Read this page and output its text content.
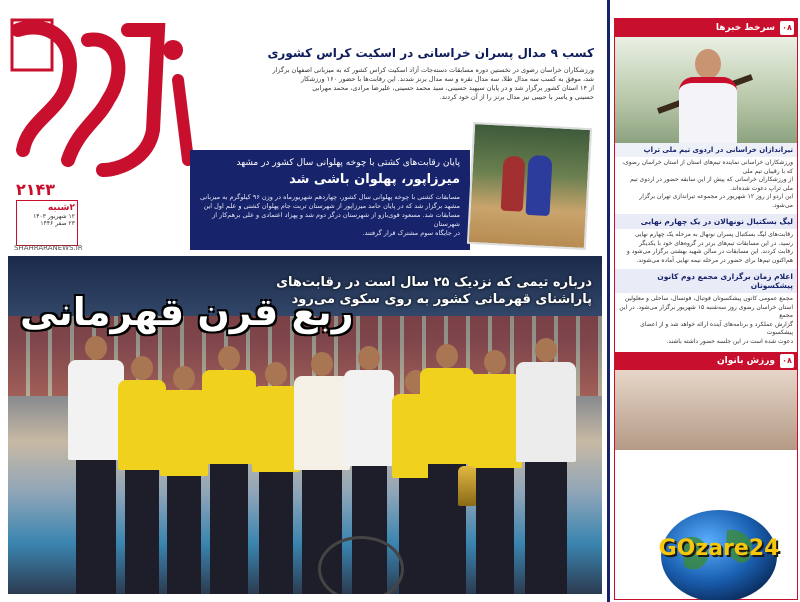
۲۱۴۳
۲شنبه
۱۲ شهریور ۱۴۰۳
۲۳ صفر ۱۴۴۶
SHAHRARANEWS.IR
کسب ۹ مدال پسران خراسانی در اسکیت کراس کشوری
ورزشکاران خراسان رضوی در نخستین دوره مسابقات دسته‌جات آزاد اسکیت کراس کشور که به میزبانی اصفهان برگزار
شد، موفق به کسب سه مدال طلا، سه مدال نقره و سه مدال برنز شدند. این رقابت‌ها با حضور ۱۶۰ ورزشکار
از ۱۴ استان کشور برگزار شد و در پایان سپهبد حسینی، سید محمد حسینی، علیرضا مرادی، محمد مهرابی
حسینی و یاسر با حبیبی نیز مدال برنز را از آن خود کردند.
پایان رقابت‌های کشتی با چوخه پهلوانی سال کشور در مشهد
میرزاپور، پهلوان باشی شد
مسابقات کشتی با چوخه پهلوانی سال کشور، چهاردهم شهریورماه در وزن ۹۶ کیلوگرم به میزبانی
مشهد برگزار شد که در پایان حامد میرزاپور از شهرستان تربت جام پهلوان کشتی و علم اول این
مسابقات شد. مسعود قوی‌بازو از شهرستان درگز دوم شد و پهزاد اعتمادی و علی برهم‌کار از شهرستان
در جایگاه سوم مشترک قرار گرفتند.
درباره تیمی که نزدیک ۲۵ سال است در رقابت‌های
پاراشنای قهرمانی کشور به روی سکوی می‌رود
ربع قرن قهرمانی
۰۸
سرخط خبرها
تیراندازان خراسانی در اردوی تیم ملی تراپ
ورزشکاران خراسانی نماینده تیم‌های استان از استان خراسان رضوی، که با رقیبان تیم ملی
از ورزشکاران خراسانی که پیش از این سابقه حضور در اردوی تیم ملی تراپ دعوت شده‌اند.
این اردو از روز ۱۲ شهریور در مجموعه تیراندازی تهران برگزار می‌شود.
لیگ بسکتبال نونهالان در یک چهارم نهایی
رقابت‌های لیگ بسکتبال پسران نونهال به مرحله یک چهارم نهایی
رسید. در این مسابقات تیم‌های برتر در گروه‌های خود با یکدیگر
رقابت کردند. این مسابقات در سالن شهید بهشتی برگزار می‌شود و
هم‌اکنون تیم‌ها برای حضور در مرحله نیمه نهایی آماده می‌شوند.
اعلام زمان برگزاری مجمع دوم کانون پیشکسوتان
مجمع عمومی کانون پیشکسوتان فوتبال، فوتسال، ساحلی و معلولین
استان خراسان رضوی روز سه‌شنبه ۱۵ شهریور برگزار می‌شود. در این مجمع
گزارش عملکرد و برنامه‌های آینده ارائه خواهد شد و از اعضای پیشکسوت
دعوت شده است در این جلسه حضور داشته باشند.
۰۸
ورزش بانوان
GOzare24
